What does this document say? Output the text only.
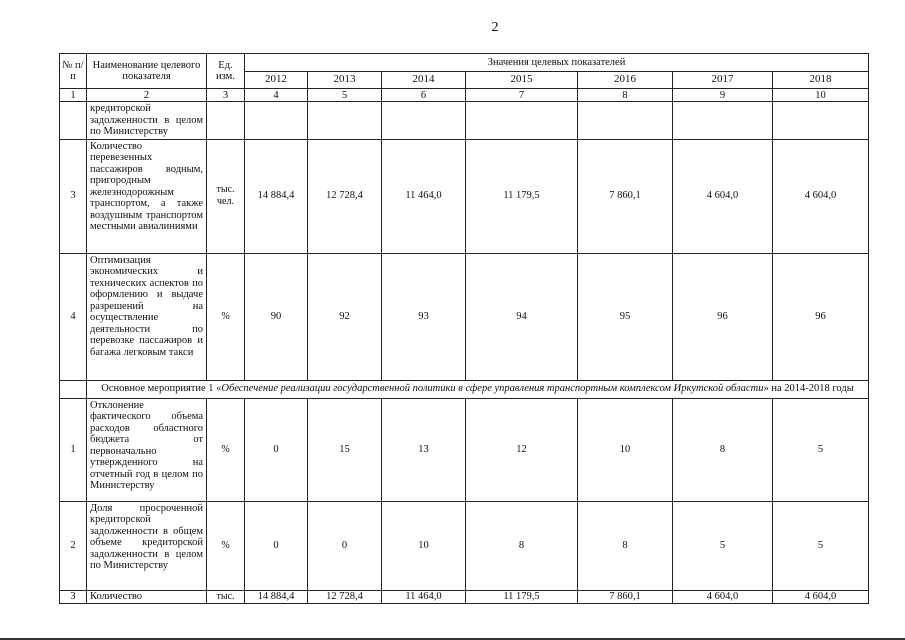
2
№ п/п	Наименование целевого показателя	Ед. изм.	Значения целевых показателей						
			2012	2013	2014	2015	2016	2017	2018
1	2	3	4	5	6	7	8	9	10
	кредиторской задолженности в целом по Министерству								
3	Количество перевезенных пассажиров водным, пригородным железнодорожным транспортом, а также воздушным транспортом местными авиалиниями	тыс. чел.	14 884,4	12 728,4	11 464,0	11 179,5	7 860,1	4 604,0	4 604,0
4	Оптимизация экономических и технических аспектов по оформлению и выдаче разрешений на осуществление деятельности по перевозке пассажиров и багажа легковым такси	%	90	92	93	94	95	96	96
	Основное мероприятие 1 «Обеспечение реализации государственной политики в сфере управления транспортным комплексом Иркутской области» на 2014-2018 годы								
1	Отклонение фактического объема расходов областного бюджета от первоначально утвержденного на отчетный год в целом по Министерству	%	0	15	13	12	10	8	5
2	Доля просроченной кредиторской задолженности в общем объеме кредиторской задолженности в целом по Министерству	%	0	0	10	8	8	5	5
3	Количество	тыс.	14 884,4	12 728,4	11 464,0	11 179,5	7 860,1	4 604,0	4 604,0
